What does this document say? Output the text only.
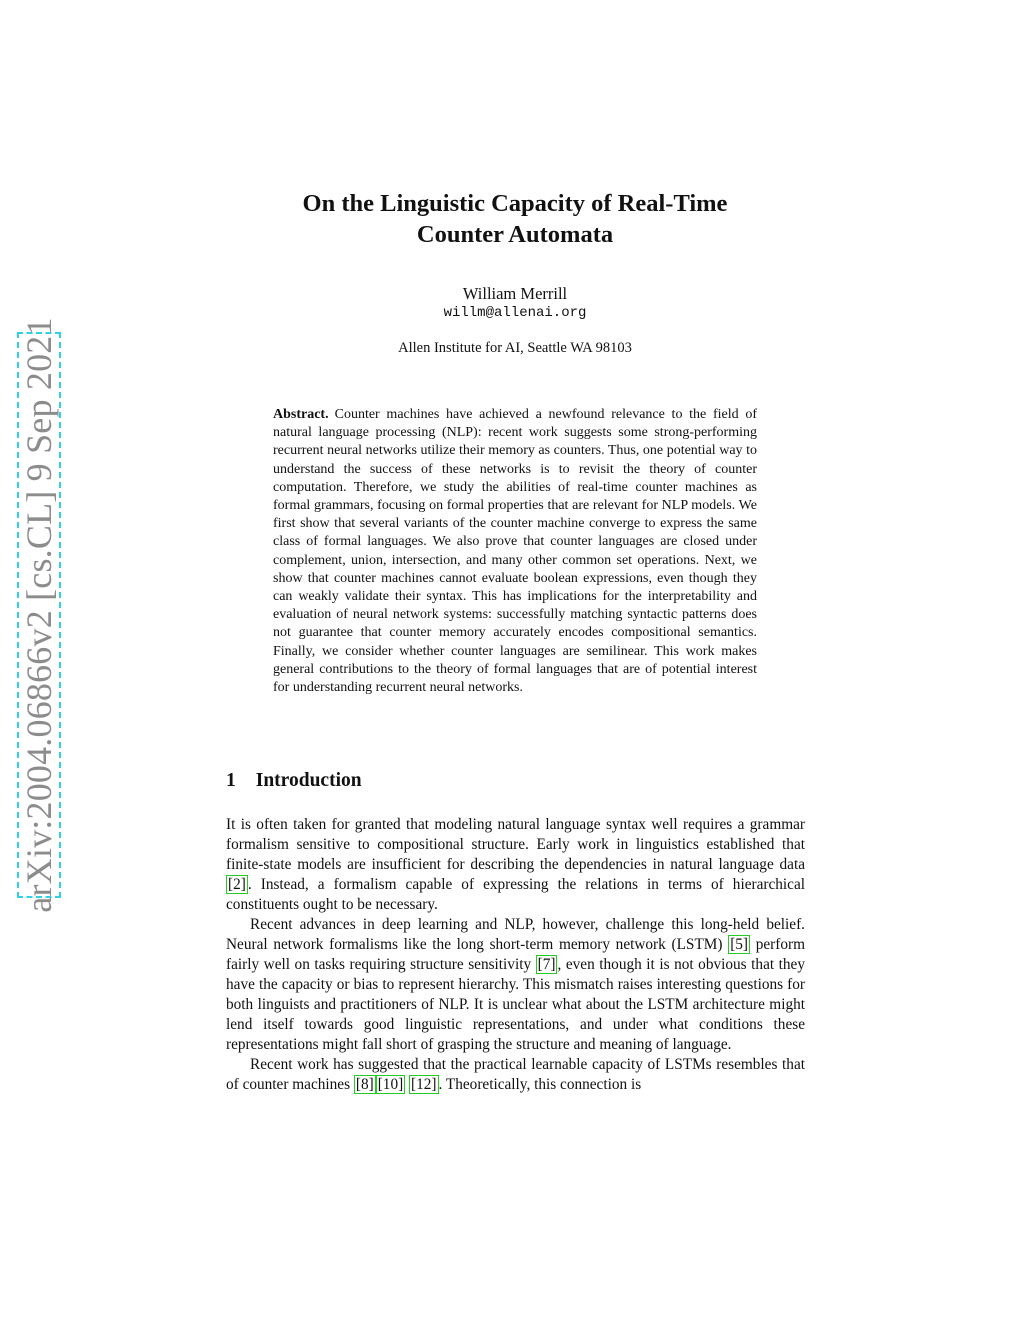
arXiv:2004.06866v2 [cs.CL] 9 Sep 2021
On the Linguistic Capacity of Real-Time
Counter Automata
William Merrill
willm@allenai.org
Allen Institute for AI, Seattle WA 98103

Abstract. Counter machines have achieved a newfound relevance to the field of natural language processing (NLP): recent work suggests some strong-performing recurrent neural networks utilize their memory as counters. Thus, one potential way to understand the success of these networks is to revisit the theory of counter computation. Therefore, we study the abilities of real-time counter machines as formal grammars, focusing on formal properties that are relevant for NLP models. We first show that several variants of the counter machine converge to express the same class of formal languages. We also prove that counter languages are closed under complement, union, intersection, and many other common set operations. Next, we show that counter machines cannot evaluate boolean expressions, even though they can weakly validate their syntax. This has implications for the interpretability and evaluation of neural network systems: successfully matching syntactic patterns does not guarantee that counter memory accurately encodes compositional semantics. Finally, we consider whether counter languages are semilinear. This work makes general contributions to the theory of formal languages that are of potential interest for understanding recurrent neural networks.

1 Introduction

It is often taken for granted that modeling natural language syntax well requires a grammar formalism sensitive to compositional structure. Early work in linguistics established that finite-state models are insufficient for describing the dependencies in natural language data [2] . Instead, a formalism capable of expressing the relations in terms of hierarchical constituents ought to be necessary.

Recent advances in deep learning and NLP, however, challenge this long-held belief. Neural network formalisms like the long short-term memory network (LSTM) [5] perform fairly well on tasks requiring structure sensitivity [7] , even though it is not obvious that they have the capacity or bias to represent hierarchy. This mismatch raises interesting questions for both linguists and practitioners of NLP. It is unclear what about the LSTM architecture might lend itself towards good linguistic representations, and under what conditions these representations might fall short of grasping the structure and meaning of language.

Recent work has suggested that the practical learnable capacity of LSTMs resembles that of counter machines [8] [10] [12] . Theoretically, this connection is
